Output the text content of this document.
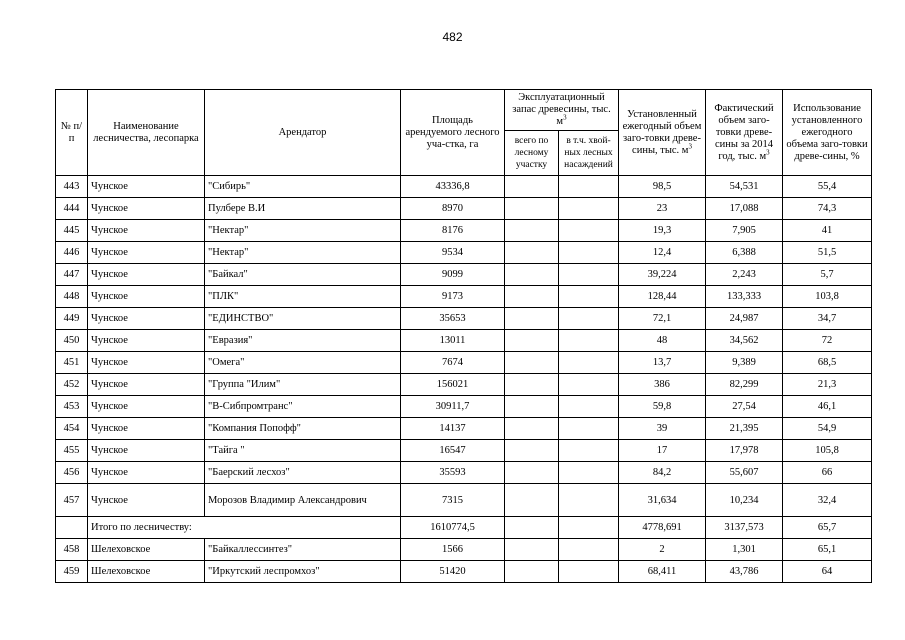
482
№ п/п	Наименование лесничества, лесопарка	Арендатор	Площадь арендуемого лесного уча-стка, га	Эксплуатационный запас древесины, тыс. $м^3$		Установленный ежегодный объем заго-товки древе-сины, тыс. $м^3$	Фактический объем заго-товки древе-сины за 2014 год, тыс. $м^3$	Использование установленного ежегодного объема заго-товки древе-сины, %
				всего по лесному участку	в т.ч. хвой-ных лесных насаждений			
443	Чунское	"Сибирь"	43336,8			98,5	54,531	55,4
444	Чунское	Пулбере В.И	8970			23	17,088	74,3
445	Чунское	"Нектар"	8176			19,3	7,905	41
446	Чунское	"Нектар"	9534			12,4	6,388	51,5
447	Чунское	"Байкал"	9099			39,224	2,243	5,7
448	Чунское	"ПЛК"	9173			128,44	133,333	103,8
449	Чунское	"ЕДИНСТВО"	35653			72,1	24,987	34,7
450	Чунское	"Евразия"	13011			48	34,562	72
451	Чунское	"Омега"	7674			13,7	9,389	68,5
452	Чунское	"Группа "Илим"	156021			386	82,299	21,3
453	Чунское	"В-Сибпромтранс"	30911,7			59,8	27,54	46,1
454	Чунское	"Компания Попофф"	14137			39	21,395	54,9
455	Чунское	"Тайга "	16547			17	17,978	105,8
456	Чунское	"Баерский лесхоз"	35593			84,2	55,607	66
457	Чунское	Морозов Владимир Александрович	7315			31,634	10,234	32,4
	Итого по лесничеству:		1610774,5			4778,691	3137,573	65,7
458	Шелеховское	"Байкаллессинтез"	1566			2	1,301	65,1
459	Шелеховское	"Иркутский леспромхоз"	51420			68,411	43,786	64
